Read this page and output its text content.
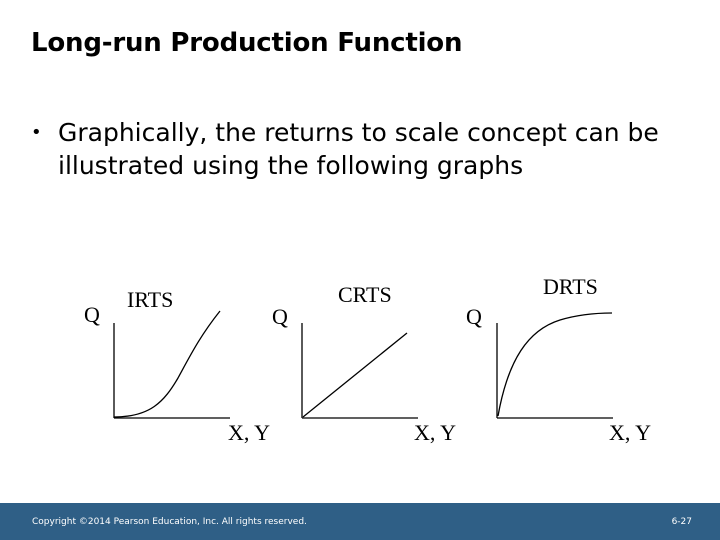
Long-run Production Function
• Graphically, the returns to scale concept can be illustrated using the following graphs
Q
IRTS
X, Y
Q
CRTS
X, Y
Q
DRTS
X, Y
Copyright ©2014 Pearson Education, Inc. All rights reserved.	6-27
